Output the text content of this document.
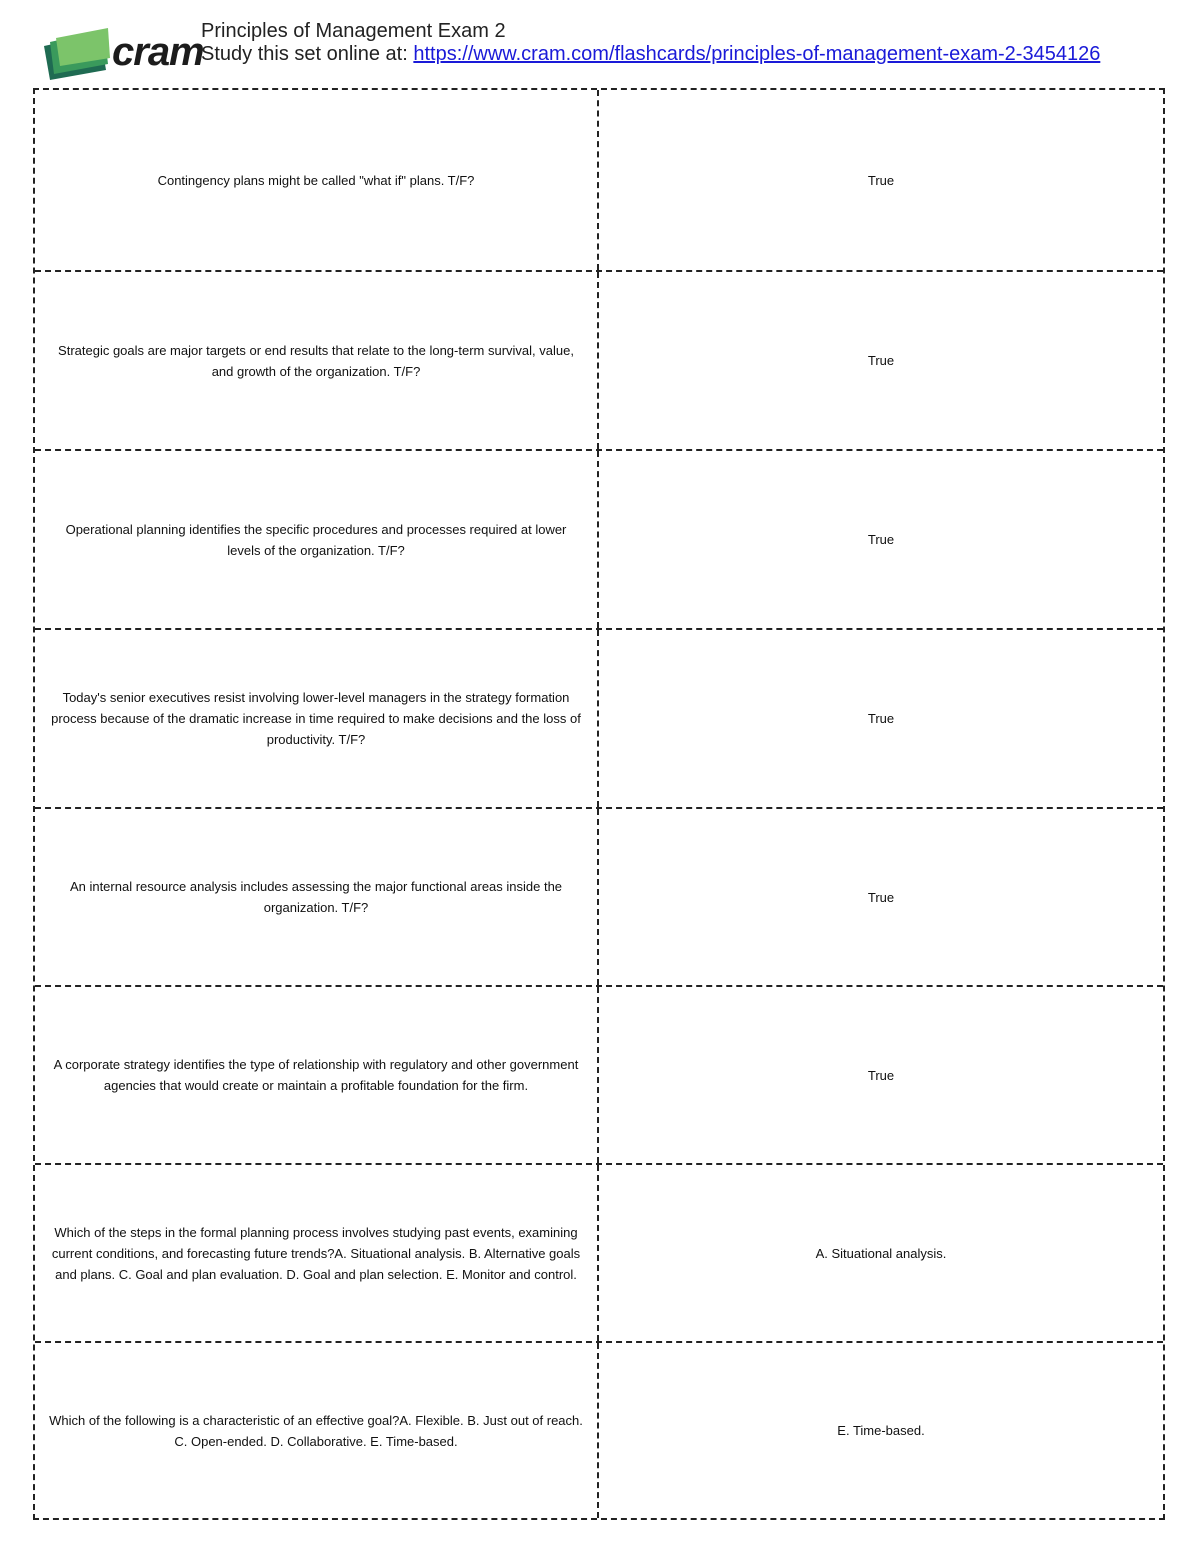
cram
Principles of Management Exam 2
Study this set online at: https://www.cram.com/flashcards/principles-of-management-exam-2-3454126
Contingency plans might be called "what if" plans. T/F?	True
Strategic goals are major targets or end results that relate to the long-term survival, value, and growth of the organization. T/F?
True
Operational planning identifies the specific procedures and processes required at lower levels of the organization. T/F?
True
Today's senior executives resist involving lower-level managers in the strategy formation process because of the dramatic increase in time required to make decisions and the loss of productivity. T/F?
True
An internal resource analysis includes assessing the major functional areas inside the organization. T/F?
True
A corporate strategy identifies the type of relationship with regulatory and other government agencies that would create or maintain a profitable foundation for the firm.
True
Which of the steps in the formal planning process involves studying past events, examining current conditions, and forecasting future trends?A. Situational analysis. B. Alternative goals and plans. C. Goal and plan evaluation. D. Goal and plan selection. E. Monitor and control.
A. Situational analysis.
Which of the following is a characteristic of an effective goal?A. Flexible. B. Just out of reach. C. Open-ended. D. Collaborative. E. Time-based.
E. Time-based.
